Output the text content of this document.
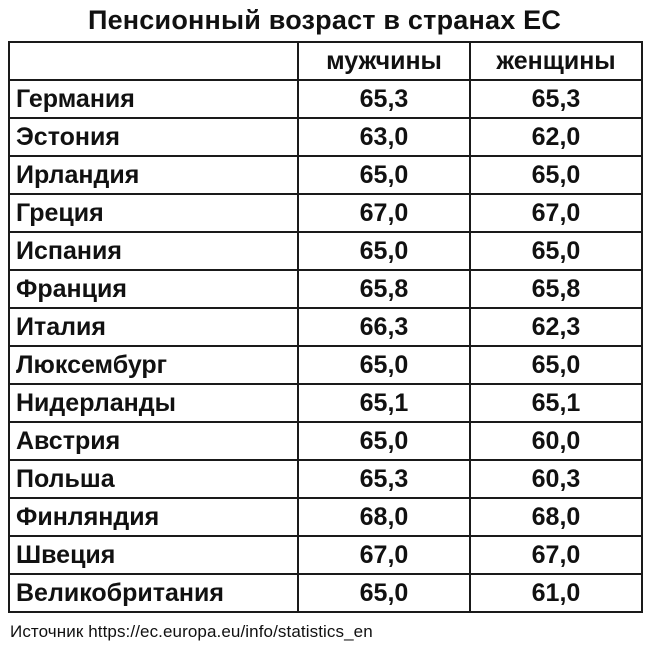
Пенсионный возраст в странах ЕС
	мужчины	женщины
Германия	65,3	65,3
Эстония	63,0	62,0
Ирландия	65,0	65,0
Греция	67,0	67,0
Испания	65,0	65,0
Франция	65,8	65,8
Италия	66,3	62,3
Люксембург	65,0	65,0
Нидерланды	65,1	65,1
Австрия	65,0	60,0
Польша	65,3	60,3
Финляндия	68,0	68,0
Швеция	67,0	67,0
Великобритания	65,0	61,0
Источник https://ec.europa.eu/info/statistics_en
